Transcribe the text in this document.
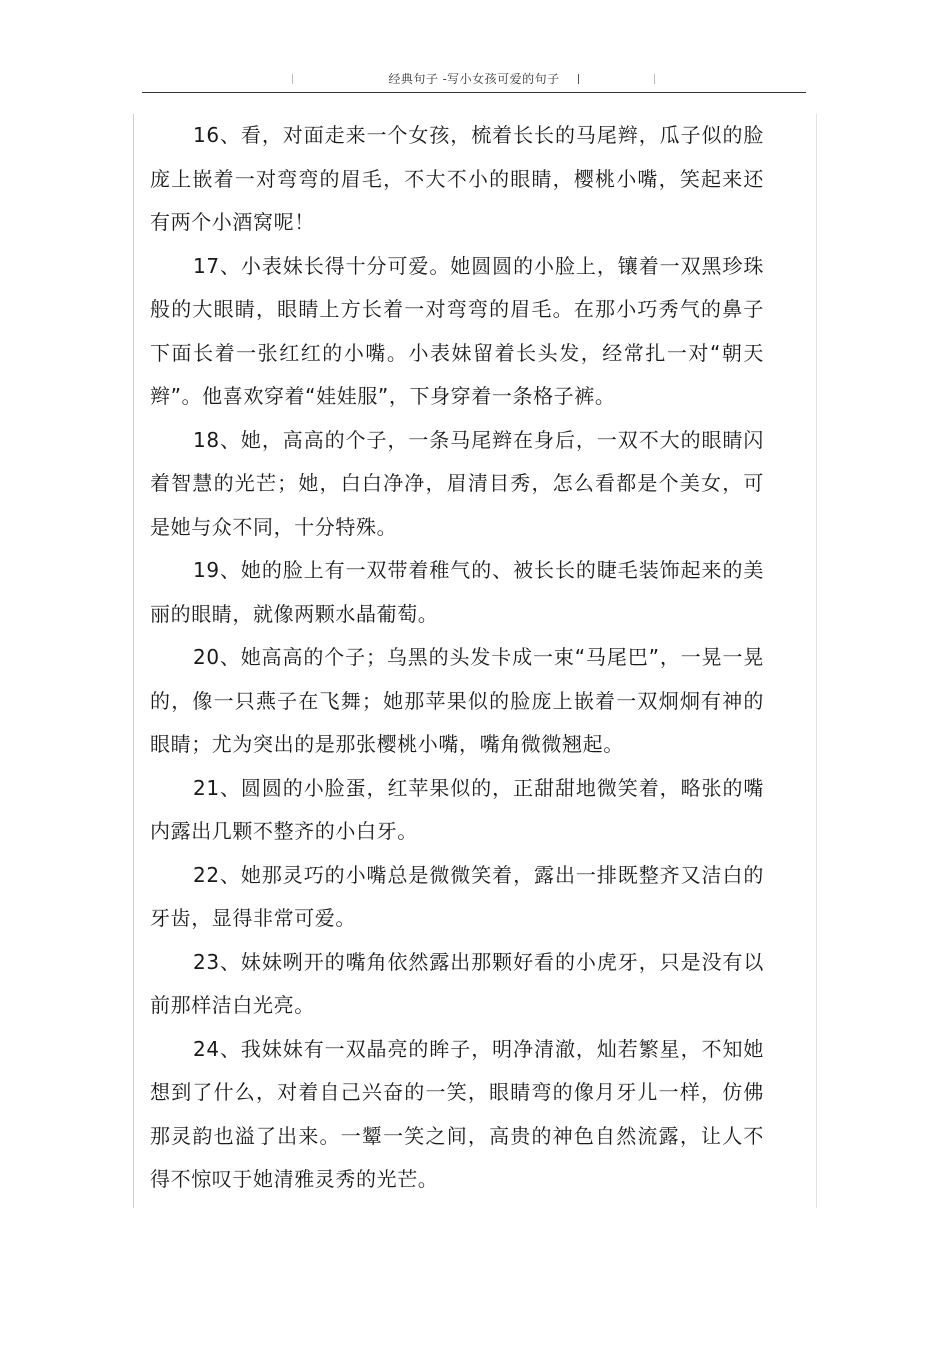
经典句子 -写小女孩可爱的句子

16、看，对面走来一个女孩，梳着长长的马尾辫，瓜子似的脸庞上嵌着一对弯弯的眉毛，不大不小的眼睛，樱桃小嘴，笑起来还有两个小酒窝呢！

17、小表妹长得十分可爱。她圆圆的小脸上，镶着一双黑珍珠般的大眼睛，眼睛上方长着一对弯弯的眉毛。在那小巧秀气的鼻子下面长着一张红红的小嘴。小表妹留着长头发，经常扎一对“朝天辫”。他喜欢穿着“娃娃服”，下身穿着一条格子裤。

18、她，高高的个子，一条马尾辫在身后，一双不大的眼睛闪着智慧的光芒；她，白白净净，眉清目秀，怎么看都是个美女，可是她与众不同，十分特殊。

19、她的脸上有一双带着稚气的、被长长的睫毛装饰起来的美丽的眼睛，就像两颗水晶葡萄。

20、她高高的个子；乌黑的头发卡成一束“马尾巴”，一晃一晃的，像一只燕子在飞舞；她那苹果似的脸庞上嵌着一双炯炯有神的眼睛；尤为突出的是那张樱桃小嘴，嘴角微微翘起。

21、圆圆的小脸蛋，红苹果似的，正甜甜地微笑着，略张的嘴内露出几颗不整齐的小白牙。

22、她那灵巧的小嘴总是微微笑着，露出一排既整齐又洁白的牙齿，显得非常可爱。

23、妹妹咧开的嘴角依然露出那颗好看的小虎牙，只是没有以前那样洁白光亮。

24、我妹妹有一双晶亮的眸子，明净清澈，灿若繁星，不知她想到了什么，对着自己兴奋的一笑，眼睛弯的像月牙儿一样，仿佛那灵韵也溢了出来。一颦一笑之间，高贵的神色自然流露，让人不得不惊叹于她清雅灵秀的光芒。
